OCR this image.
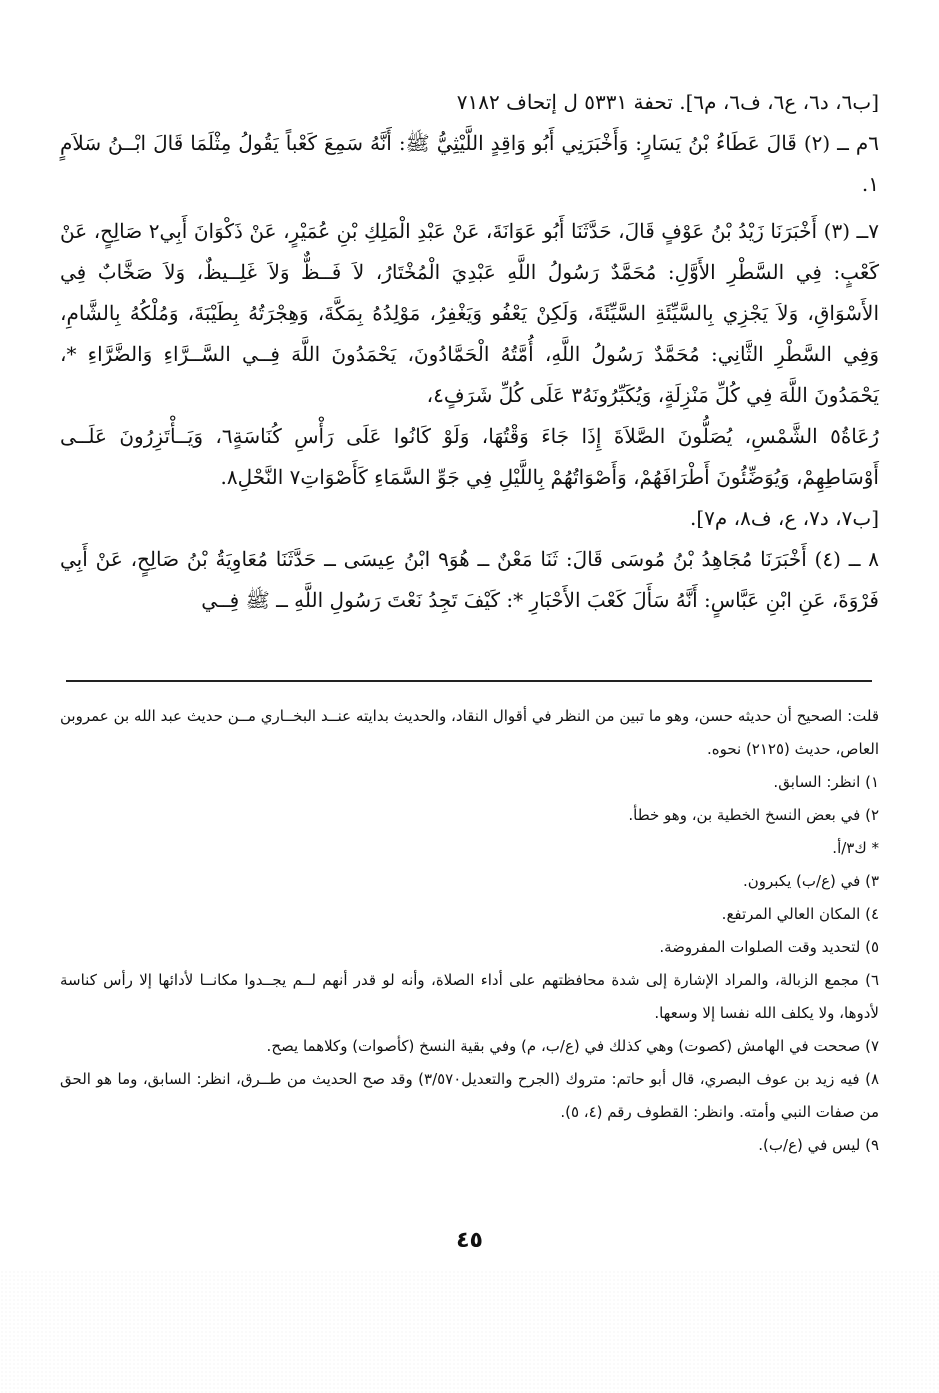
[ب٦، د٦، ع٦، ف٦، م٦]. تحفة ٥٣٣١ ل إتحاف ٧١٨٢

٦م ــ (٢) قَالَ عَطَاءُ بْنُ يَسَارٍ: وَأَخْبَرَنِي أَبُو وَاقِدٍ اللَّيْثِيُّ ﷺ: أَنَّهُ سَمِعَ كَعْباً يَقُولُ مِثْلَمَا قَالَ ابْــنُ سَلاَمٍ ١.

٧ــ (٣) أَخْبَرَنَا زَيْدُ بْنُ عَوْفٍ قَالَ، حَدَّثَنَا أَبُو عَوَانَةَ، عَنْ عَبْدِ الْمَلِكِ بْنِ عُمَيْرٍ، عَنْ ذَكْوَانَ أَبِي٢ صَالِحٍ، عَنْ كَعْبٍ: فِي السَّطْرِ الأَوَّلِ: مُحَمَّدٌ رَسُولُ اللَّهِ عَبْدِيَ الْمُخْتَارُ، لاَ فَــظٌّ وَلاَ غَلِــيظٌ، وَلاَ صَخَّابٌ فِي الأَسْوَاقِ، وَلاَ يَجْزِي بِالسَّيِّئَةِ السَّيِّئَةَ، وَلَكِنْ يَعْفُو وَيَغْفِرُ، مَوْلِدُهُ بِمَكَّةَ، وَهِجْرَتُهُ بِطَيْبَةَ، وَمُلْكُهُ بِالشَّامِ، وَفِي السَّطْرِ الثَّانِي: مُحَمَّدٌ رَسُولُ اللَّهِ، أُمَّتُهُ الْحَمَّادُونَ، يَحْمَدُونَ اللَّهَ فِــي السَّــرَّاءِ وَالضَّرَّاءِ *، يَحْمَدُونَ اللَّهَ فِي كُلِّ مَنْزِلَةٍ، وَيُكَبِّرُونَهُ٣ عَلَى كُلِّ شَرَفٍ٤،

رُعَاةُ٥ الشَّمْسِ، يُصَلُّونَ الصَّلاَةَ إِذَا جَاءَ وَقْتُهَا، وَلَوْ كَانُوا عَلَى رَأْسِ كُنَاسَةٍ٦، وَيَــأْتَزِرُونَ عَلَــى أَوْسَاطِهِمْ، وَيُوَضِّئُونَ أَطْرَافَهُمْ، وَأَصْوَاتُهُمْ بِاللَّيْلِ فِي جَوِّ السَّمَاءِ كَأَصْوَاتِ٧ النَّحْلِ٨.

[ب٧، د٧، ع، ف٨، م٧].

٨ ــ (٤) أَخْبَرَنَا مُجَاهِدُ بْنُ مُوسَى قَالَ: ثَنَا مَعْنٌ ــ هُوَ٩ ابْنُ عِيسَى ــ حَدَّثَنَا مُعَاوِيَةُ بْنُ صَالِحٍ، عَنْ أَبِي فَرْوَةَ، عَنِ ابْنِ عَبَّاسٍ: أَنَّهُ سَأَلَ كَعْبَ الأَحْبَارِ *: كَيْفَ تَجِدُ نَعْتَ رَسُولِ اللَّهِ ــ ﷺ فِــي

قلت: الصحيح أن حديثه حسن، وهو ما تبين من النظر في أقوال النقاد، والحديث بدايته عنــد البخــاري مــن حديث عبد الله بن عمروبن العاص، حديث (٢١٢٥) نحوه.

١) انظر: السابق.

٢) في بعض النسخ الخطية بن، وهو خطأ.

* ك٣/أ.

٣) في (ع/ب) يكبرون.

٤) المكان العالي المرتفع.

٥) لتحديد وقت الصلوات المفروضة.

٦) مجمع الزبالة، والمراد الإشارة إلى شدة محافظتهم على أداء الصلاة، وأنه لو قدر أنهم لــم يجــدوا مكانــا لأدائها إلا رأس كناسة لأدوها، ولا يكلف الله نفسا إلا وسعها.

٧) صححت في الهامش (كصوت) وهي كذلك في (ع/ب، م) وفي بقية النسخ (كأصوات) وكلاهما يصح.

٨) فيه زيد بن عوف البصري، قال أبو حاتم: متروك (الجرح والتعديل٣/٥٧٠) وقد صح الحديث من طــرق، انظر: السابق، وما هو الحق من صفات النبي وأمته. وانظر: القطوف رقم (٤، ٥).

٩) ليس في (ع/ب).

٤٥
